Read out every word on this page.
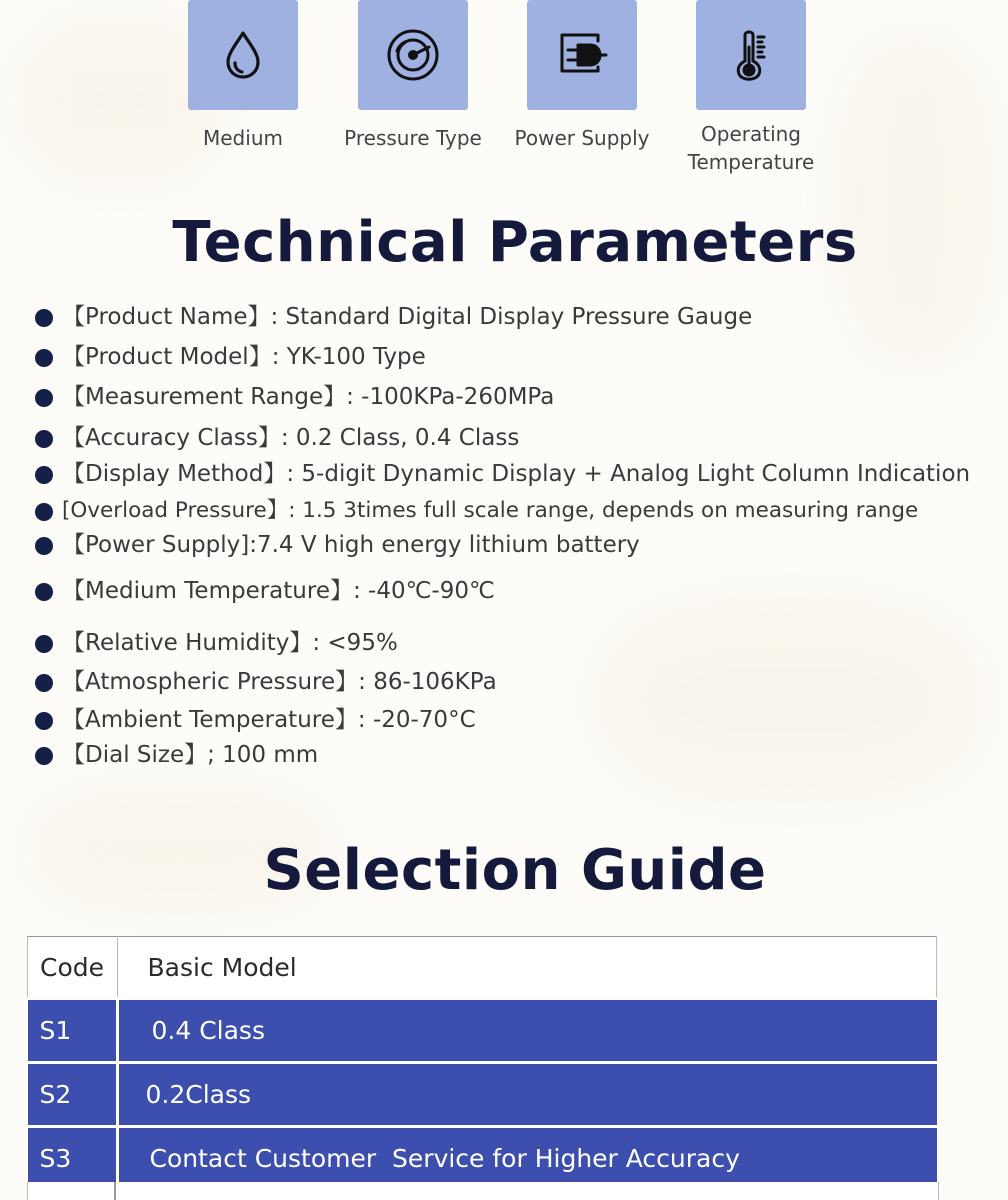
Medium	Pressure Type	Power Supply	Operating
Temperature
Technical Parameters
【Product Name】: Standard Digital Display Pressure Gauge
【Product Model】: YK-100 Type
【Measurement Range】: -100KPa-260MPa
【Accuracy Class】: 0.2 Class, 0.4 Class
【Display Method】: 5-digit Dynamic Display + Analog Light Column Indication
[Overload Pressure】: 1.5 3times full scale range, depends on measuring range
【Power Supply]:7.4 V high energy lithium battery
【Medium Temperature】: -40℃-90℃
【Relative Humidity】: <95%
【Atmospheric Pressure】: 86-106KPa
【Ambient Temperature】: -20-70°C
【Dial Size】; 100 mm
Selection Guide
Code	Basic Model
S1	0.4 Class
S2	0.2Class
S3	Contact Customer  Service for Higher Accuracy
